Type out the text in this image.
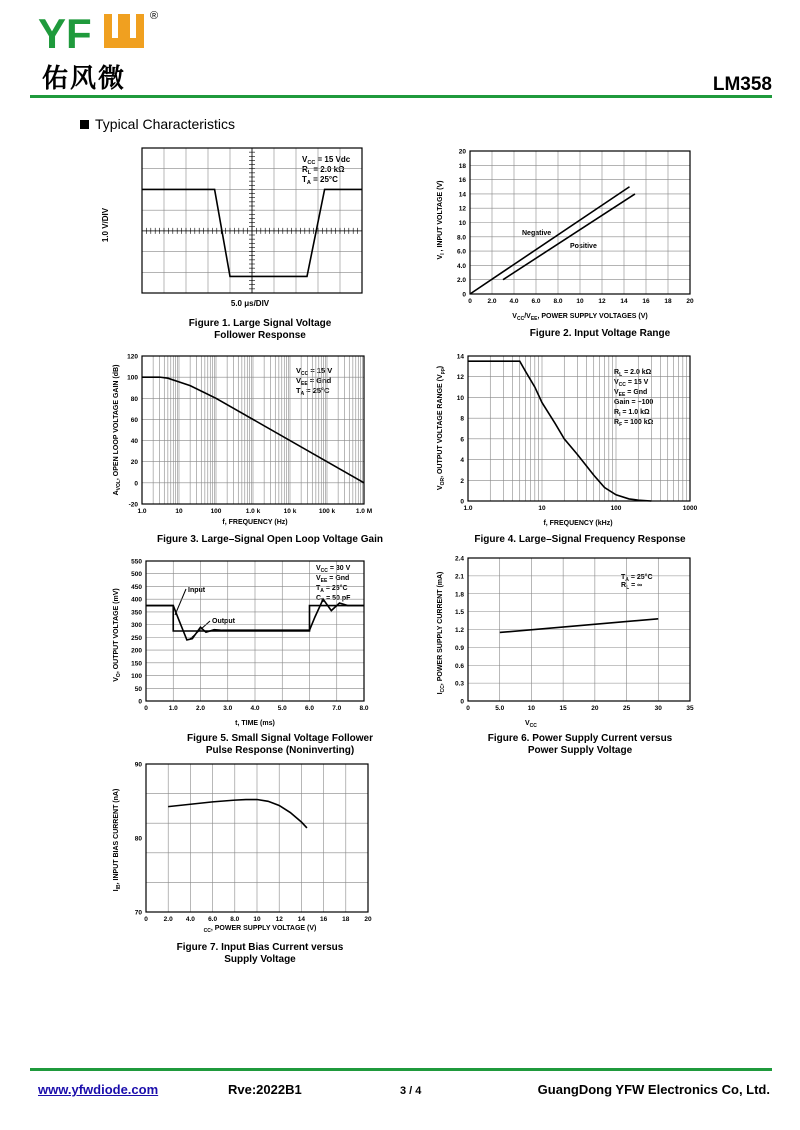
YF	®
佑风微	LM358
Typical Characteristics
1.0 V/DIV
5.0 μs/DIV
$V_{CC} = 15$ Vdc
$R_L = 2.0$ kΩ
$T_A = 25^\circ C$
Figure 1. Large Signal Voltage
Follower Response
$V_I$ , INPUT VOLTAGE (V)
$V_{CC}/V_{EE}$, POWER SUPPLY VOLTAGES (V)
Negative
Positive
0 2.0 4.0 6.0 8.0 10 12 14 16 18 20
0
2.0
4.0
6.0
8.0
10
12
14
16
18
20
Figure 2. Input Voltage Range
$A_{VOL}$, OPEN LOOP VOLTAGE GAIN (dB)
f, FREQUENCY (Hz)
$V_{CC} = 15$ V
$V_{EE}$ = Gnd
$T_A = 25^\circ C$
1.0	10	100	1.0 k	10 k	100 k	1.0 M
-20
0
20
40
60
80
100
120
Figure 3. Large–Signal Open Loop Voltage Gain
$V_{OR}$, OUTPUT VOLTAGE RANGE $(V_{pp})$
f, FREQUENCY (kHz)
$R_L = 2.0$ kΩ
$V_{CC} = 15$ V
$V_{EE}$ = Gnd
Gain = −100
$R_I = 1.0$ kΩ
$R_F = 100$ kΩ
1.0	10	100	1000
0
2
4
6
8
10
12
14
Figure 4. Large–Signal Frequency Response
$V_O$, OUTPUT VOLTAGE (mV)
t, TIME (ms)
Input
Output
$V_{CC} = 30$ V
$V_{EE}$ = Gnd
$T_A = 25^\circ C$
$C_L = 50$ pF
0	1.0	2.0	3.0	4.0	5.0	6.0	7.0	8.0
0
50
100
150
200
250
300
350
400
450
500
550
Figure 5. Small Signal Voltage Follower
Pulse Response (Noninverting)
$I_{CC}$, POWER SUPPLY CURRENT (mA)
$V_{CC}$
$T_A = 25^\circ C$
$R_L$ = ∞
0	5.0	10	15	20	25	30	35
0
0.3
0.6
0.9
1.2
1.5
1.8
2.1
2.4
Figure 6. Power Supply Current versus
Power Supply Voltage
$I_{IB}$, INPUT BIAS CURRENT (nA)
$_{CC}$, POWER SUPPLY VOLTAGE (V)
0 2.0 4.0 6.0 8.0 10 12 14 16 18 20
70
80
90
Figure 7. Input Bias Current versus
Supply Voltage
www.yfwdiode.com	Rve:2022B1	3 / 4	GuangDong YFW Electronics Co, Ltd.
